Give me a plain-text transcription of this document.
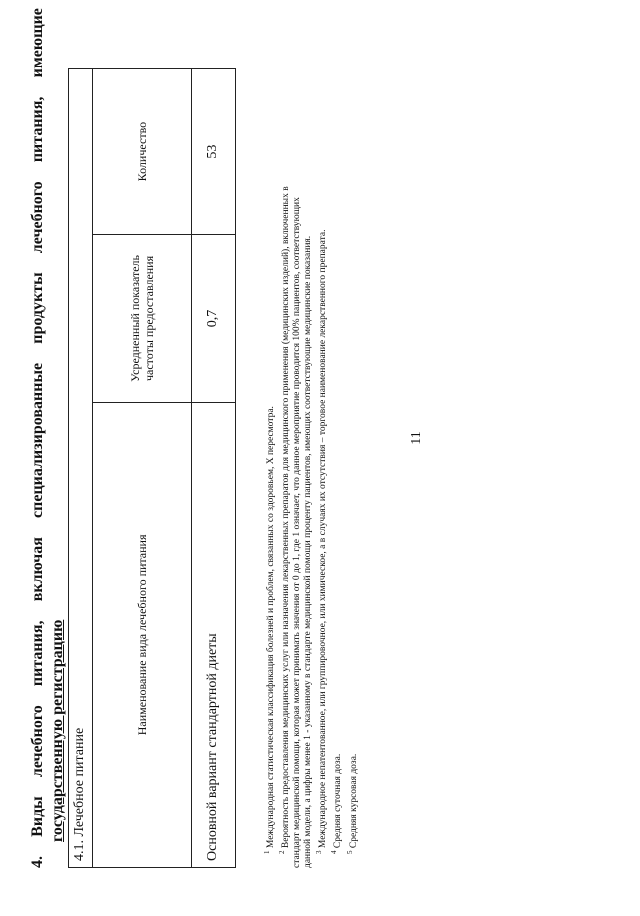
4.
Виды
лечебного
питания,
включая
специализированные
продукты
лечебного
питания,
имеющие
государственную регистрацию 4.1. Лечебное питание		
Наименование вида лечебного питания	Усредненный показатель частоты предоставления	Количество
Основной вариант стандартной диеты	0,7	53
11

$^1$ Международная статистическая классификация болезней и проблем, связанных со здоровьем, X пересмотра.

$^2$ Вероятность предоставления медицинских услуг или назначения лекарственных препаратов для медицинского применения (медицинских изделий), включенных в стандарт медицинской помощи, которая может принимать значения от 0 до 1, где 1 означает, что данное мероприятие проводится 100% пациентов, соответствующих данной модели, а цифры менее 1 - указанному в стандарте медицинской помощи проценту пациентов, имеющих соответствующие медицинские показания. $^3$ Международное непатентованное, или группировочное, или химическое, а в случаях их отсутствия – торговое наименование лекарственного препарата.

$^4$ Средняя суточная доза.

$^5$ Средняя курсовая доза.
